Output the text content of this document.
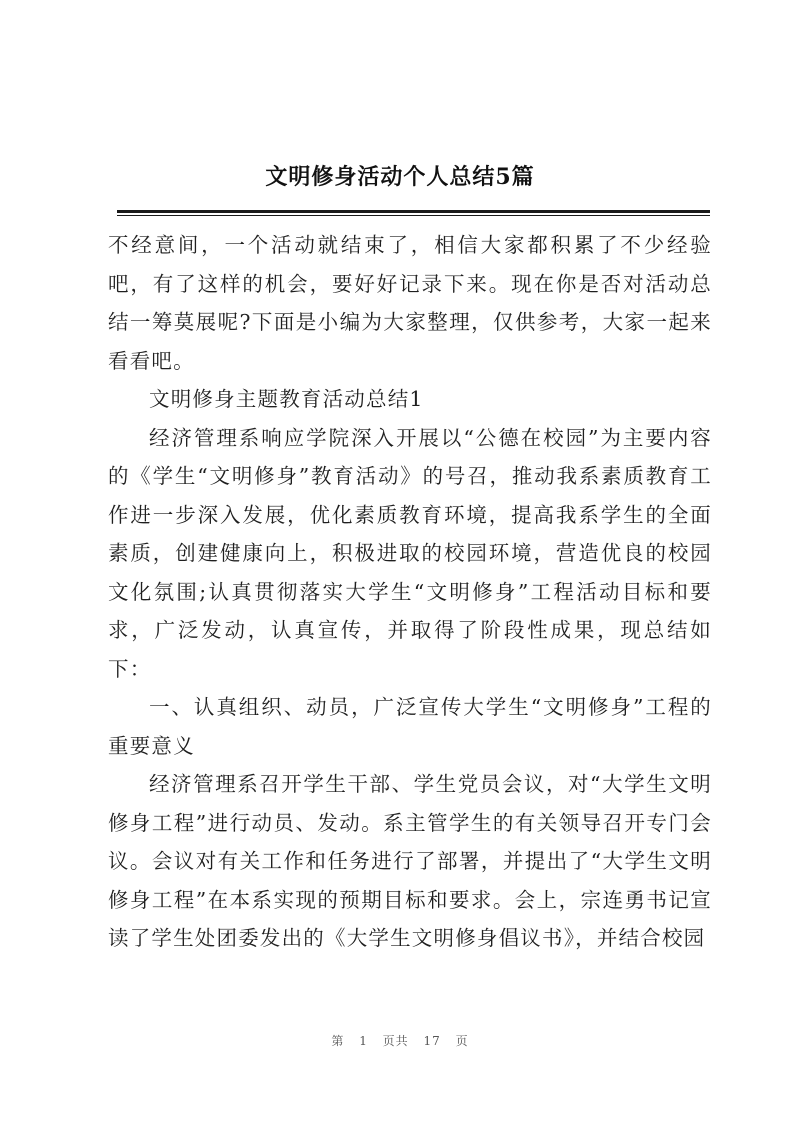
文明修身活动个人总结5篇

不经意间，一个活动就结束了，相信大家都积累了不少经验吧，有了这样的机会，要好好记录下来。现在你是否对活动总结一筹莫展呢?下面是小编为大家整理，仅供参考，大家一起来看看吧。

文明修身主题教育活动总结1

经济管理系响应学院深入开展以“公德在校园”为主要内容的《学生“文明修身”教育活动》的号召，推动我系素质教育工作进一步深入发展，优化素质教育环境，提高我系学生的全面素质，创建健康向上，积极进取的校园环境，营造优良的校园文化氛围;认真贯彻落实大学生“文明修身”工程活动目标和要求，广泛发动，认真宣传，并取得了阶段性成果，现总结如下：

一、认真组织、动员，广泛宣传大学生“文明修身”工程的重要意义

经济管理系召开学生干部、学生党员会议，对“大学生文明修身工程”进行动员、发动。系主管学生的有关领导召开专门会议。会议对有关工作和任务进行了部署，并提出了“大学生文明修身工程”在本系实现的预期目标和要求。会上，宗连勇书记宣读了学生处团委发出的《大学生文明修身倡议书》，并结合校园

第 1 页共 17 页
